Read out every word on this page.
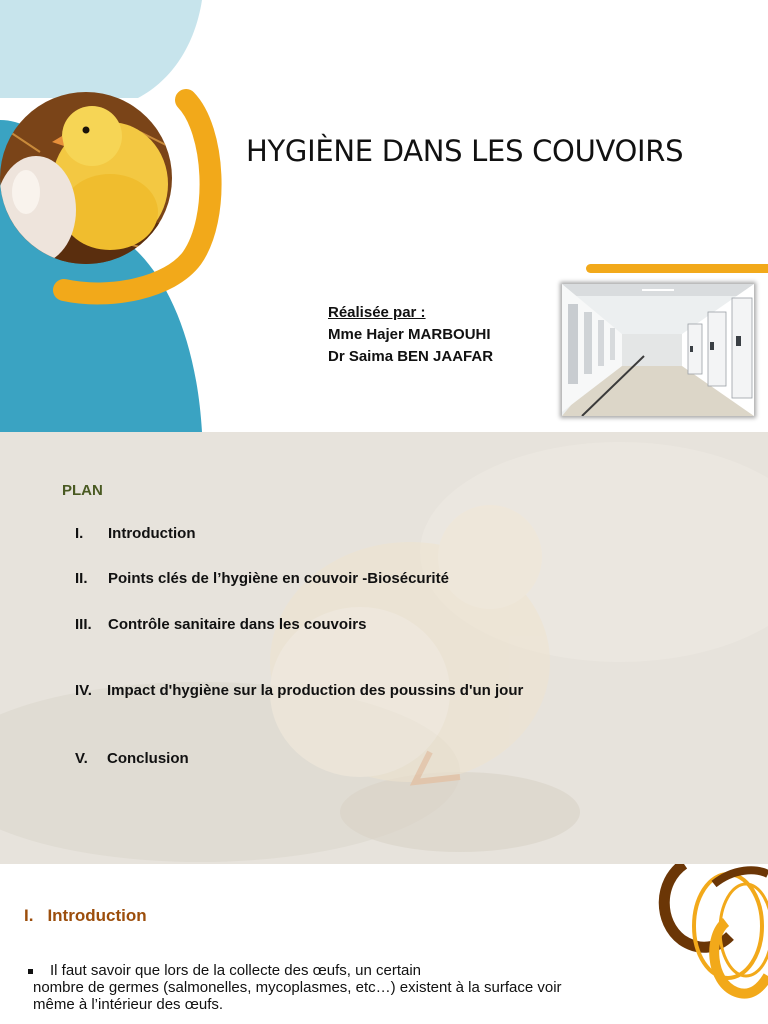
HYGIÈNE DANS LES COUVOIRS
Réalisée par :
Mme Hajer MARBOUHI
Dr Saima BEN JAAFAR
PLAN
I. Introduction
II. Points clés de l’hygiène en couvoir -Biosécurité
III. Contrôle sanitaire dans les couvoirs
IV. Impact d'hygiène sur la production des poussins d'un jour
V. Conclusion
I. Introduction
Il faut savoir que lors de la collecte des œufs, un certain
nombre de germes (salmonelles, mycoplasmes, etc…) existent à la surface voir
même à l’intérieur des œufs.
